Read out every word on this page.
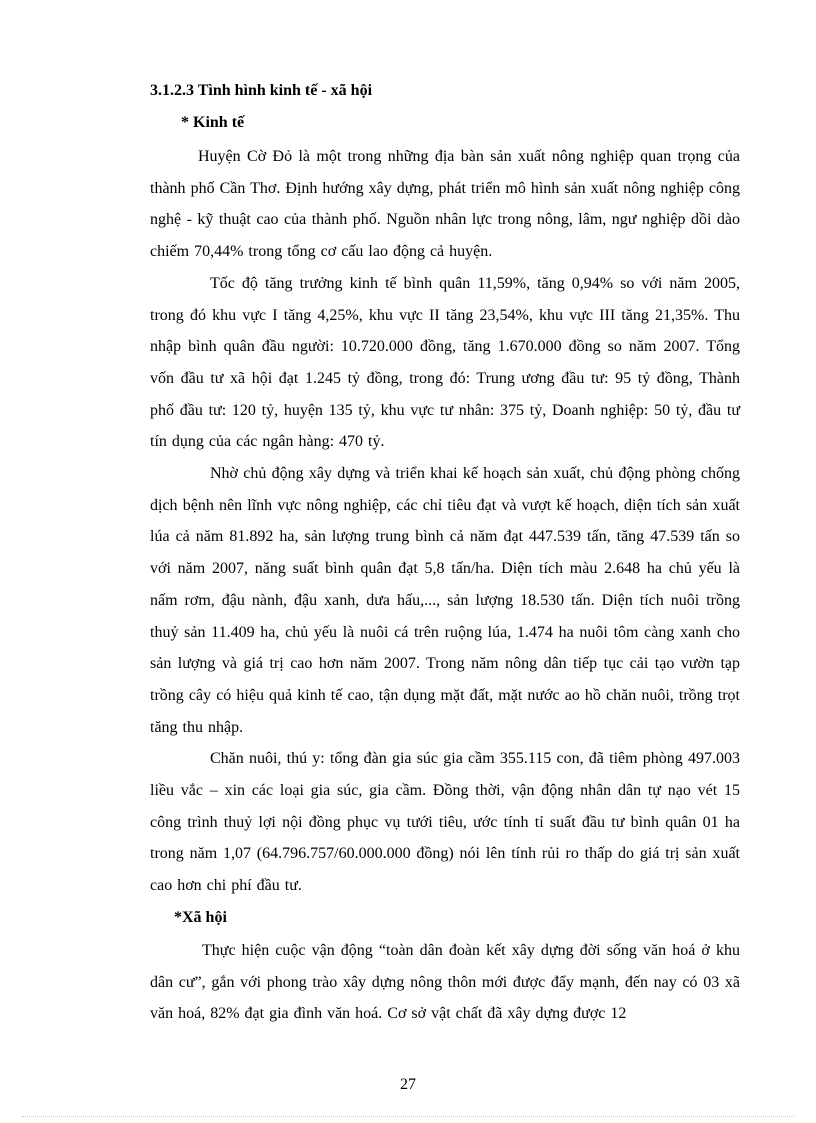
3.1.2.3 Tình hình kinh tế - xã hội
* Kinh tế

Huyện Cờ Đỏ là một trong những địa bàn sản xuất nông nghiệp quan trọng của thành phố Cần Thơ. Định hướng xây dựng, phát triển mô hình sản xuất nông nghiệp công nghệ - kỹ thuật cao của thành phố. Nguồn nhân lực trong nông, lâm, ngư nghiệp dồi dào chiếm 70,44% trong tổng cơ cấu lao động cả huyện.

Tốc độ tăng trưởng kinh tế bình quân 11,59%, tăng 0,94% so với năm 2005, trong đó khu vực I tăng 4,25%, khu vực II tăng 23,54%, khu vực III tăng 21,35%. Thu nhập bình quân đầu người: 10.720.000 đồng, tăng 1.670.000 đồng so năm 2007. Tổng vốn đầu tư xã hội đạt 1.245 tỷ đồng, trong đó: Trung ương đầu tư: 95 tỷ đồng, Thành phố đầu tư: 120 tỷ, huyện 135 tỷ, khu vực tư nhân: 375 tỷ, Doanh nghiệp: 50 tỷ, đầu tư tín dụng của các ngân hàng: 470 tỷ.

Nhờ chủ động xây dựng và triển khai kế hoạch sản xuất, chủ động phòng chống dịch bệnh nên lĩnh vực nông nghiệp, các chỉ tiêu đạt và vượt kế hoạch, diện tích sản xuất lúa cả năm 81.892 ha, sản lượng trung bình cả năm đạt 447.539 tấn, tăng 47.539 tấn so với năm 2007, năng suất bình quân đạt 5,8 tấn/ha. Diện tích màu 2.648 ha chủ yếu là nấm rơm, đậu nành, đậu xanh, dưa hấu,..., sản lượng 18.530 tấn. Diện tích nuôi trồng thuỷ sản 11.409 ha, chủ yếu là nuôi cá trên ruộng lúa, 1.474 ha nuôi tôm càng xanh cho sản lượng và giá trị cao hơn năm 2007. Trong năm nông dân tiếp tục cải tạo vườn tạp trồng cây có hiệu quả kinh tế cao, tận dụng mặt đất, mặt nước ao hồ chăn nuôi, trồng trọt tăng thu nhập.

Chăn nuôi, thú y: tổng đàn gia súc gia cầm 355.115 con, đã tiêm phòng 497.003 liều vắc – xin các loại gia súc, gia cầm. Đồng thời, vận động nhân dân tự nạo vét 15 công trình thuỷ lợi nội đồng phục vụ tưới tiêu, ước tính tỉ suất đầu tư bình quân 01 ha trong năm 1,07 (64.796.757/60.000.000 đồng) nói lên tính rủi ro thấp do giá trị sản xuất cao hơn chi phí đầu tư.

*Xã hội

Thực hiện cuộc vận động “toàn dân đoàn kết xây dựng đời sống văn hoá ở khu dân cư”, gắn với phong trào xây dựng nông thôn mới được đẩy mạnh, đến nay có 03 xã văn hoá, 82% đạt gia đình văn hoá. Cơ sở vật chất đã xây dựng được 12

27
